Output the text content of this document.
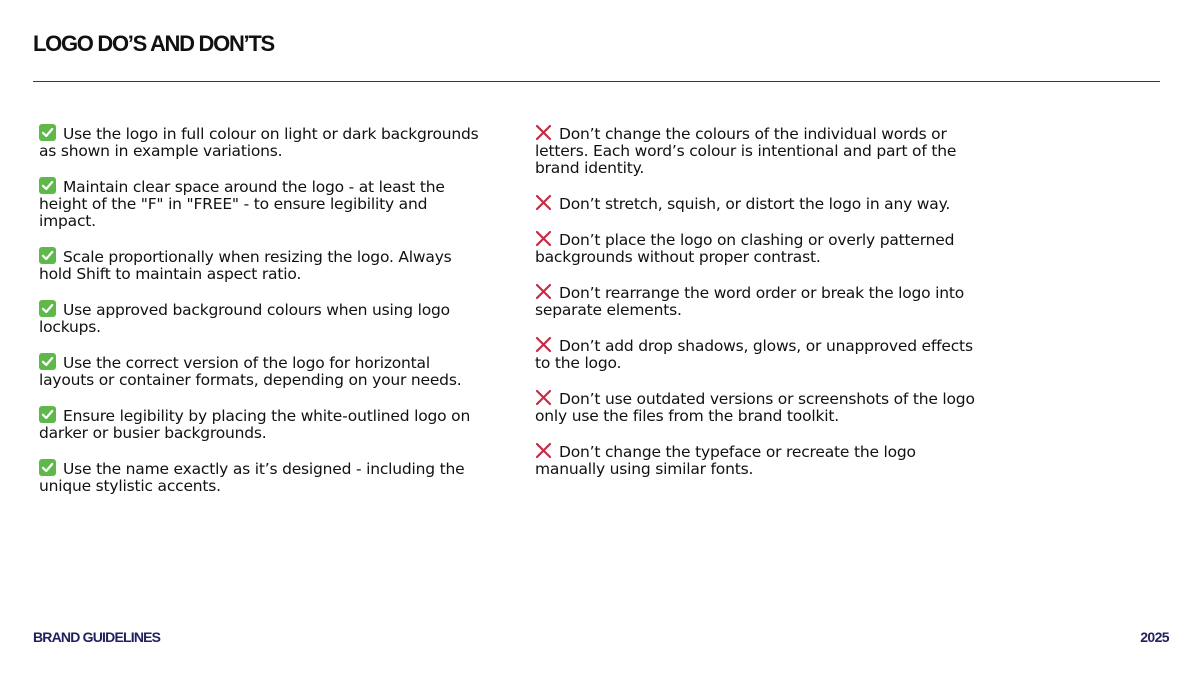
LOGO DO’S AND DON’TS
Use the logo in full colour on light or dark backgrounds as shown in example variations.
Maintain clear space around the logo - at least the height of the "F" in "FREE" - to ensure legibility and impact.
Scale proportionally when resizing the logo. Always hold Shift to maintain aspect ratio.
Use approved background colours when using logo lockups.
Use the correct version of the logo for horizontal layouts or container formats, depending on your needs.
Ensure legibility by placing the white-outlined logo on darker or busier backgrounds.
Use the name exactly as it’s designed - including the unique stylistic accents.
Don’t change the colours of the individual words or letters. Each word’s colour is intentional and part of the brand identity.
Don’t stretch, squish, or distort the logo in any way.
Don’t place the logo on clashing or overly patterned backgrounds without proper contrast.
Don’t rearrange the word order or break the logo into separate elements.
Don’t add drop shadows, glows, or unapproved effects to the logo.
Don’t use outdated versions or screenshots of the logo only use the files from the brand toolkit.
Don’t change the typeface or recreate the logo manually using similar fonts.
BRAND GUIDELINES	2025
